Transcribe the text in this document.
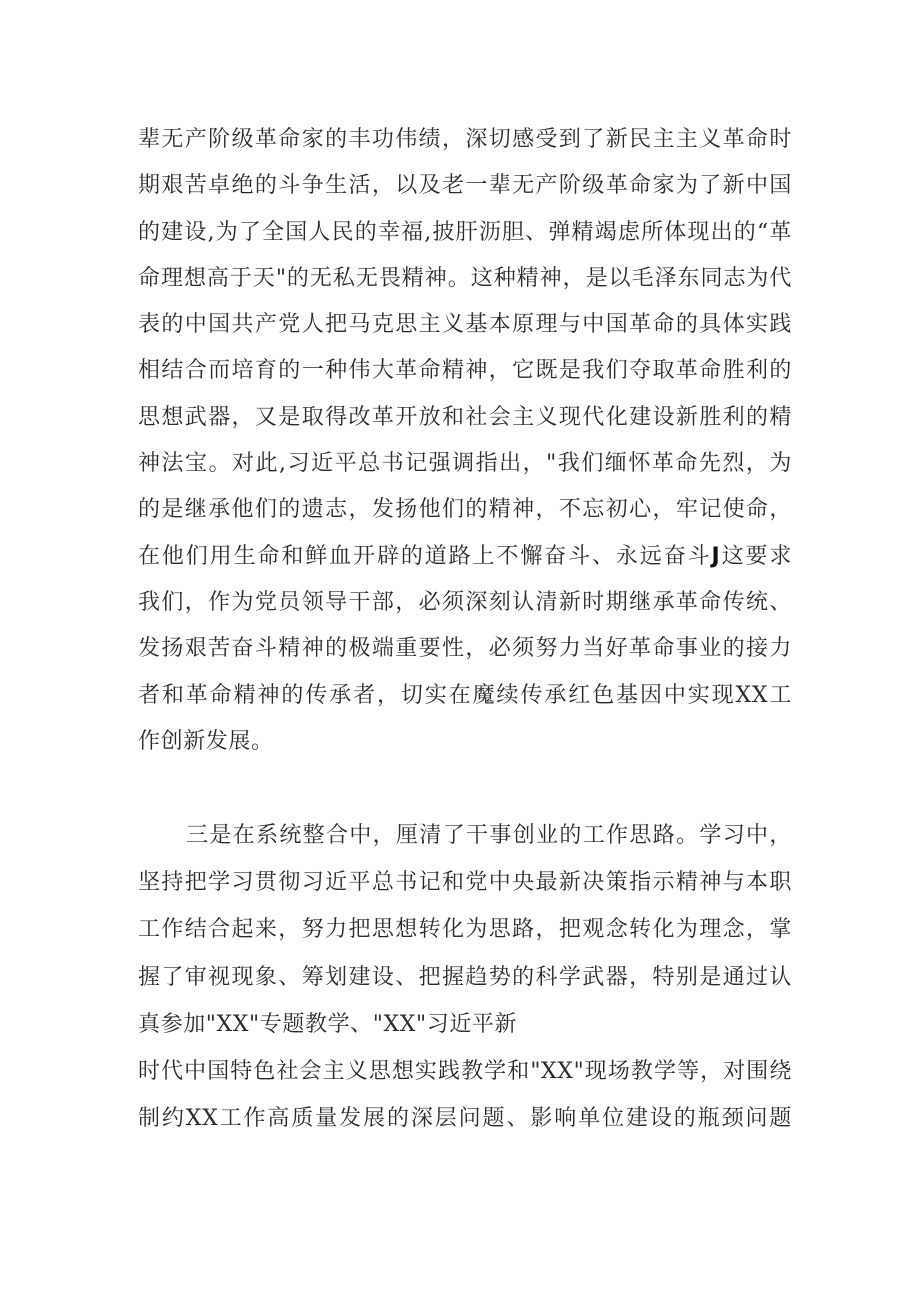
辈无产阶级革命家的丰功伟绩，深切感受到了新民主主义革命时
期艰苦卓绝的斗争生活，以及老一辈无产阶级革命家为了新中国
的建设,为了全国人民的幸福,披肝沥胆、弹精竭虑所体现出的“革
命理想高于天"的无私无畏精神。这种精神，是以毛泽东同志为代
表的中国共产党人把马克思主义基本原理与中国革命的具体实践
相结合而培育的一种伟大革命精神，它既是我们夺取革命胜利的
思想武器，又是取得改革开放和社会主义现代化建设新胜利的精
神法宝。对此,习近平总书记强调指出，"我们缅怀革命先烈，为
的是继承他们的遗志，发扬他们的精神，不忘初心，牢记使命，
在他们用生命和鲜血开辟的道路上不懈奋斗、永远奋斗J这要求
我们，作为党员领导干部，必须深刻认清新时期继承革命传统、
发扬艰苦奋斗精神的极端重要性，必须努力当好革命事业的接力
者和革命精神的传承者，切实在魔续传承红色基因中实现XX工
作创新发展。
三是在系统整合中，厘清了干事创业的工作思路。学习中，
坚持把学习贯彻习近平总书记和党中央最新决策指示精神与本职
工作结合起来，努力把思想转化为思路，把观念转化为理念，掌
握了审视现象、筹划建设、把握趋势的科学武器，特别是通过认
真参加"XX"专题教学、"XX"习近平新
时代中国特色社会主义思想实践教学和"XX"现场教学等，对围绕
制约XX工作高质量发展的深层问题、影响单位建设的瓶颈问题
